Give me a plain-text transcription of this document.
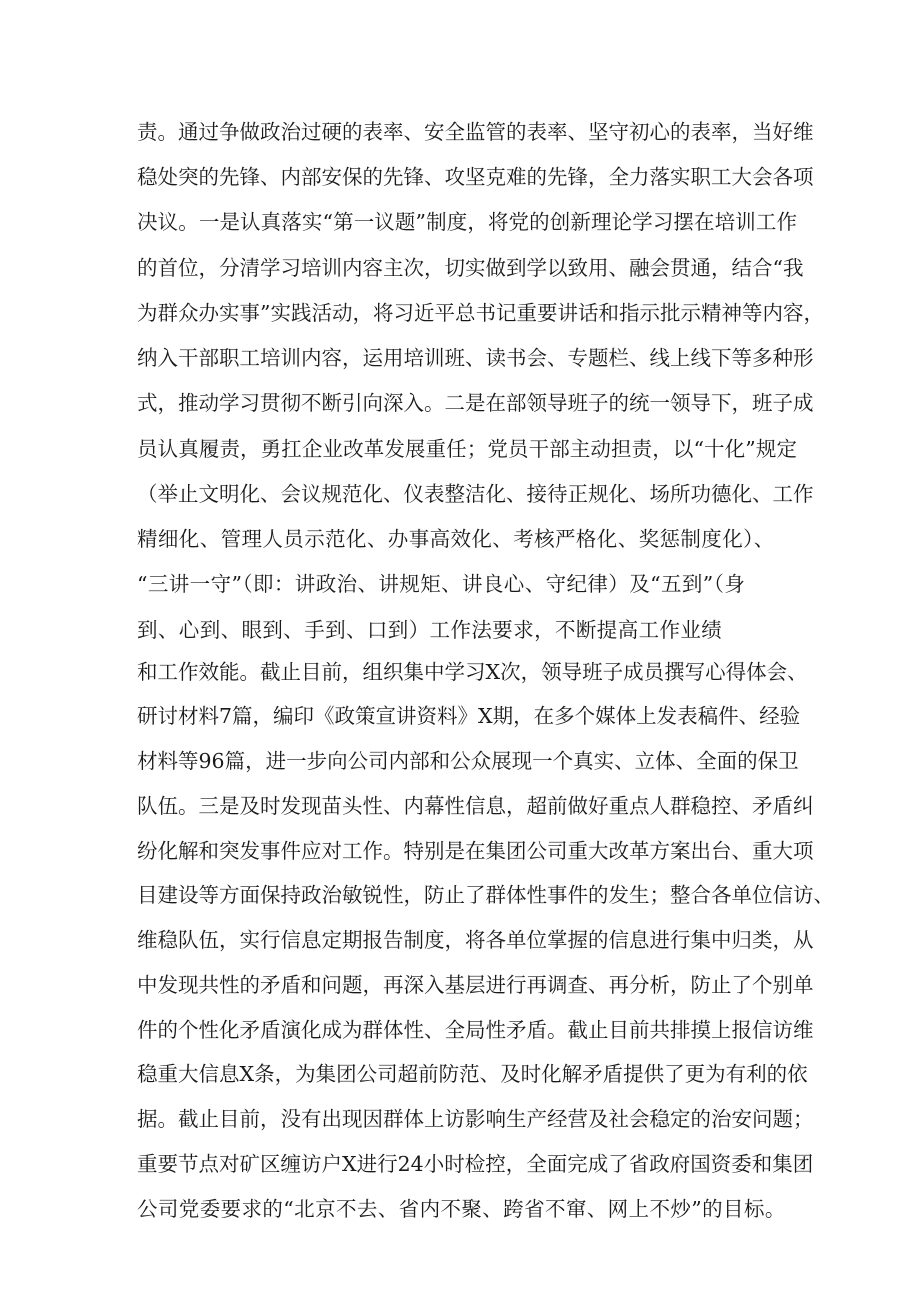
责 。 通 过 争 做 政 治 过 硬 的 表 率 、 安 全 监 管 的 表 率 、 坚 守 初 心 的 表 率 ， 当 好 维
稳 处 突 的 先 锋 、 内 部 安 保 的 先 锋 、 攻 坚 克 难 的 先 锋 ， 全 力 落 实 职 工 大 会 各 项
决 议 。 一 是 认 真 落 实 “ 第 一 议 题 ” 制 度 ， 将 党 的 创 新 理 论 学 习 摆 在 培 训 工 作
的 首 位 ， 分 清 学 习 培 训 内 容 主 次 ， 切 实 做 到 学 以 致 用 、 融 会 贯 通 ， 结 合 “ 我
为 群 众 办 实 事 ” 实 践 活 动 ， 将 习 近 平 总 书 记 重 要 讲 话 和 指 示 批 示 精 神 等 内 容 ，
纳 入 干 部 职 工 培 训 内 容 ， 运 用 培 训 班 、 读 书 会 、 专 题 栏 、 线 上 线 下 等 多 种 形
式 ， 推 动 学 习 贯 彻 不 断 引 向 深 入 。 二 是 在 部 领 导 班 子 的 统 一 领 导 下 ， 班 子 成
员 认 真 履 责 ， 勇 扛 企 业 改 革 发 展 重 任 ； 党 员 干 部 主 动 担 责 ， 以 “ 十 化 ” 规 定
（ 举 止 文 明 化 、 会 议 规 范 化 、 仪 表 整 洁 化 、 接 待 正 规 化 、 场 所 功 德 化 、 工 作
精细化、管理人员示范化、办事高效化、考核严格化、奖惩制度化）、
“三讲一守”（即：讲政治、讲规矩、讲良心、守纪律）及“五到”（身
到、心到、眼到、手到、口到）工作法要求，不断提高工作业绩
和 工 作 效 能 。 截 止 目 前 ， 组 织 集 中 学 习 X 次 ， 领 导 班 子 成 员 撰 写 心 得 体 会 、
研 讨 材 料 7 篇 ， 编 印 《 政 策 宣 讲 资 料 》 X 期 ， 在 多 个 媒 体 上 发 表 稿 件 、 经 验
材 料 等 9 6 篇 ， 进 一 步 向 公 司 内 部 和 公 众 展 现 一 个 真 实 、 立 体 、 全 面 的 保 卫
队 伍 。 三 是 及 时 发 现 苗 头 性 、 内 幕 性 信 息 ， 超 前 做 好 重 点 人 群 稳 控 、 矛 盾 纠
纷 化 解 和 突 发 事 件 应 对 工 作 。 特 别 是 在 集 团 公 司 重 大 改 革 方 案 出 台 、 重 大 项
目 建 设 等 方 面 保 持 政 治 敏 锐 性 ， 防 止 了 群 体 性 事 件 的 发 生 ； 整 合 各 单 位 信 访 、
维 稳 队 伍 ， 实 行 信 息 定 期 报 告 制 度 ， 将 各 单 位 掌 握 的 信 息 进 行 集 中 归 类 ， 从
中 发 现 共 性 的 矛 盾 和 问 题 ， 再 深 入 基 层 进 行 再 调 查 、 再 分 析 ， 防 止 了 个 别 单
件 的 个 性 化 矛 盾 演 化 成 为 群 体 性 、 全 局 性 矛 盾 。 截 止 目 前 共 排 摸 上 报 信 访 维
稳 重 大 信 息 X 条 ， 为 集 团 公 司 超 前 防 范 、 及 时 化 解 矛 盾 提 供 了 更 为 有 利 的 依
据 。 截 止 目 前 ， 没 有 出 现 因 群 体 上 访 影 响 生 产 经 营 及 社 会 稳 定 的 治 安 问 题 ；
重 要 节 点 对 矿 区 缠 访 户 X 进 行 2 4 小 时 检 控 ， 全 面 完 成 了 省 政 府 国 资 委 和 集 团
公司党委要求的“北京不去、省内不聚、跨省不窜、网上不炒”的目标。
